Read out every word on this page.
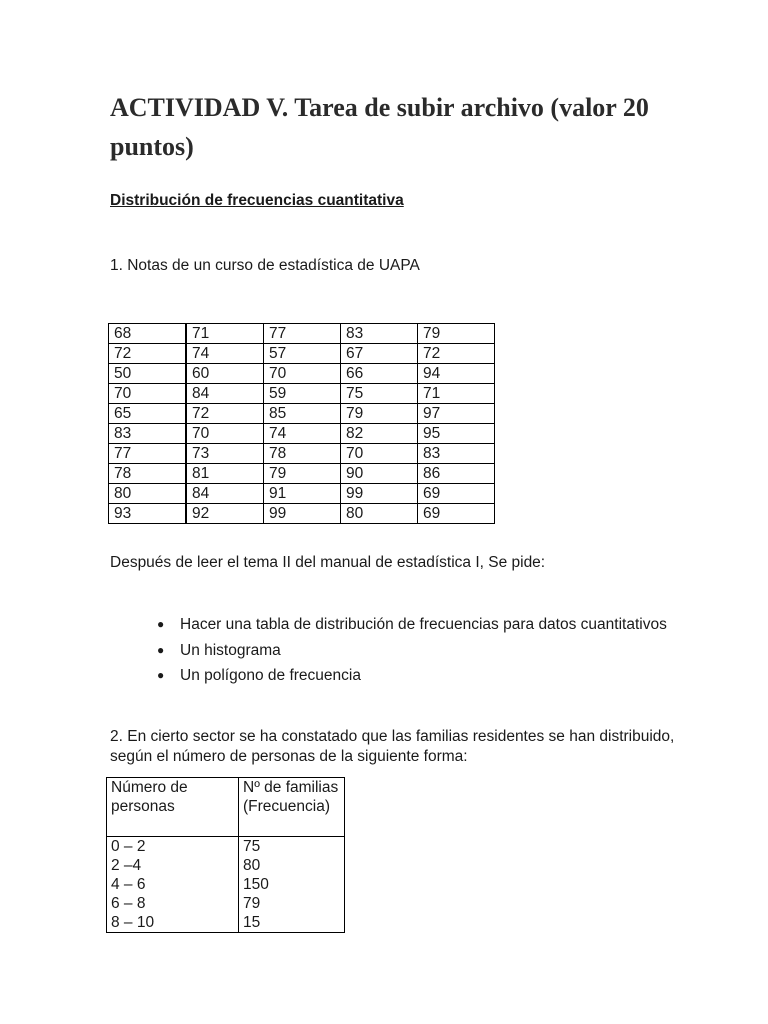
ACTIVIDAD V. Tarea de subir archivo (valor 20 puntos)

Distribución de frecuencias cuantitativa

1. Notas de un curso de estadística de UAPA

68	71	77	83	79
72	74	57	67	72
50	60	70	66	94
70	84	59	75	71
65	72	85	79	97
83	70	74	82	95
77	73	78	70	83
78	81	79	90	86
80	84	91	99	69
93	92	99	80	69

Después de leer el tema II del manual de estadística I, Se pide:

● Hacer una tabla de distribución de frecuencias para datos cuantitativos
● Un histograma
● Un polígono de frecuencia

2. En cierto sector se ha constatado que las familias residentes se han distribuido, según el número de personas de la siguiente forma:

Número de personas	Nº de familias (Frecuencia)
0 – 2	75
2 –4	80
4 – 6	150
6 – 8	79
8 – 10	15
